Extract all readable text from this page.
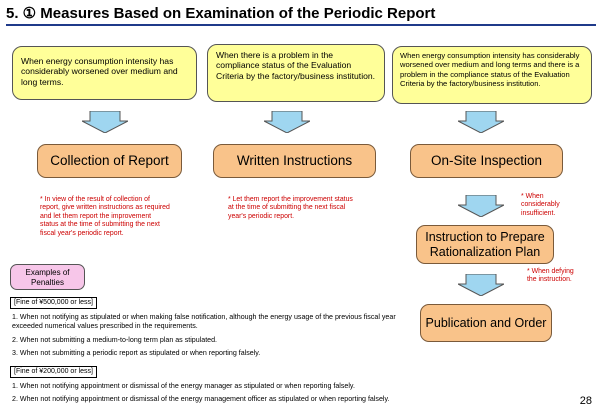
5. ① Measures Based on Examination of the Periodic Report
When energy consumption intensity has considerably worsened over medium and long terms.
When there is a problem in the compliance status of the Evaluation Criteria by the factory/business institution.
When energy consumption intensity has considerably worsened over medium and long terms and there is a problem in the compliance status of the Evaluation Criteria by the factory/business institution.
Collection of Report	Written Instructions	On-Site Inspection
* In view of the result of collection of report, give written instructions as required and let them report the improvement status at the time of submitting the next fiscal year's periodic report.
* Let them report the improvement status at the time of submitting the next fiscal year's periodic report.
* When considerably insufficient.
Instruction to Prepare Rationalization Plan
* When defying the instruction.
Publication and Order
Examples of Penalties
[Fine of ¥500,000 or less]
1. When not notifying as stipulated or when making false notification, although the energy usage of the previous fiscal year exceeded numerical values prescribed in the requirements.
2. When not submitting a medium-to-long term plan as stipulated.
3. When not submitting a periodic report as stipulated or when reporting falsely.
[Fine of ¥200,000 or less]
1. When not notifying appointment or dismissal of the energy manager as stipulated or when reporting falsely.
2. When not notifying appointment or dismissal of the energy management officer as stipulated or when reporting falsely.	28
